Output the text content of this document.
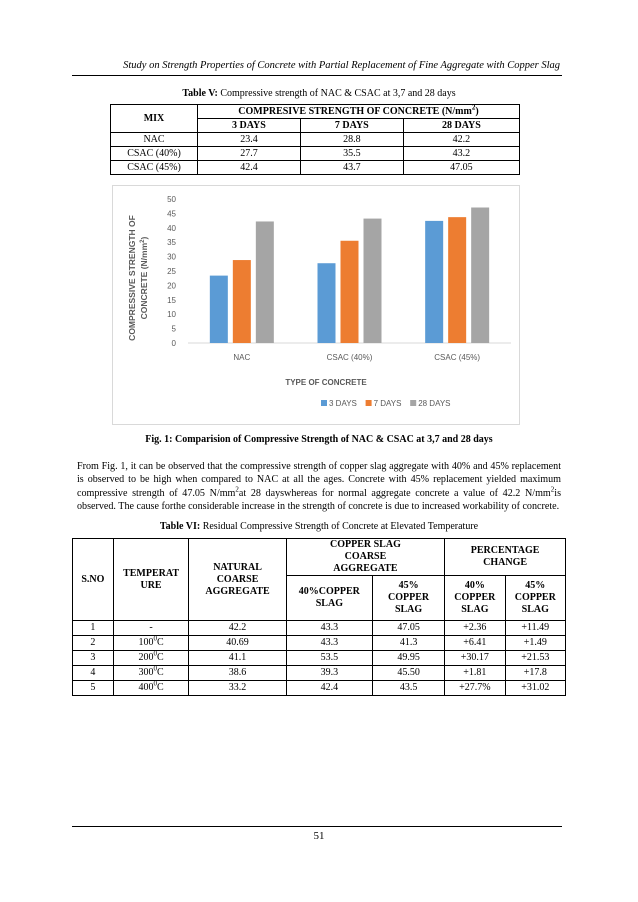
Study on Strength Properties of Concrete with Partial Replacement of Fine Aggregate with Copper Slag
Table V: Compressive strength of NAC & CSAC at 3,7 and 28 days
MIX	COMPRESIVE STRENGTH OF CONCRETE $(N/mm^2)$		
	3 DAYS	7 DAYS	28 DAYS
NAC	23.4	28.8	42.2
CSAC (40%)	27.7	35.5	43.2
CSAC (45%)	42.4	43.7	47.05
COMPRESSIVE STRENGTH OF CONCRETE $(N/mm^2)$
0
5
10
15
20
25
30
35
40
45
50
NAC	CSAC (40%)	CSAC (45%)
TYPE OF CONCRETE
3 DAYS 7 DAYS 28 DAYS
Fig. 1: Comparision of Compressive Strength of NAC & CSAC at 3,7 and 28 days
From Fig. 1, it can be observed that the compressive strength of copper slag aggregate with 40% and 45% replacement is observed to be high when compared to NAC at all the ages. Concrete with 45% replacement yielded maximum compressive strength of 47.05 $N/mm^2at$ 28 dayswhereas for normal aggregate concrete a value of 42.2 $N/mm^2is$ observed. The cause forthe considerable increase in the strength of concrete is due to increased workability of concrete.
Table VI: Residual Compressive Strength of Concrete at Elevated Temperature
S.NO	TEMPERAT URE	NATURAL COARSE AGGREGATE	COPPER SLAG COARSE AGGREGATE		PERCENTAGE CHANGE	
			40%COPPER SLAG	45% COPPER SLAG	40% COPPER SLAG	45% COPPER SLAG
1	-	42.2	43.3	47.05	+2.36	+11.49
2	$100^0C$	40.69	43.3	41.3	+6.41	+1.49
3	$200^0C$	41.1	53.5	49.95	+30.17	+21.53
4	$300^0C$	38.6	39.3	45.50	+1.81	+17.8
5	$400^0C$	33.2	42.4	43.5	+27.7%	+31.02
51
